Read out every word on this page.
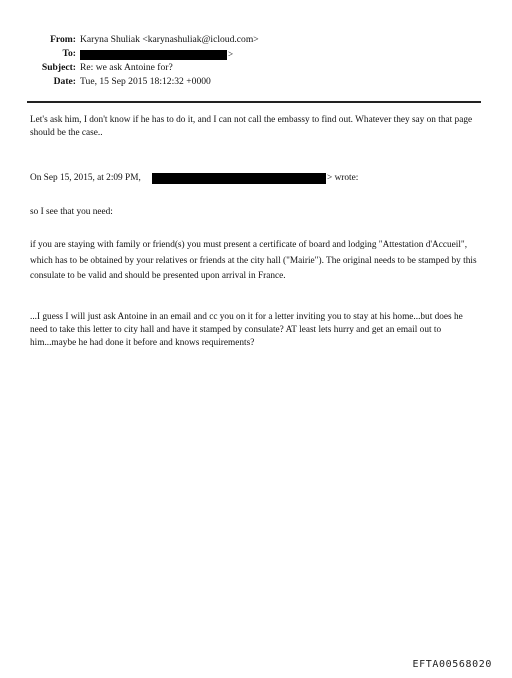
From: Karyna Shuliak <karynashuliak@icloud.com>
To:	>
Subject: Re: we ask Antoine for?
Date: Tue, 15 Sep 2015 18:12:32 +0000
Let's ask him, I don't know if he has to do it, and I can not call the embassy to find out. Whatever they say on that page should be the case..
On Sep 15, 2015, at 2:09 PM,	> wrote:
so I see that you need:
if you are staying with family or friend(s) you must present a certificate of board and lodging "Attestation d'Accueil", which has to be obtained by your relatives or friends at the city hall ("Mairie"). The original needs to be stamped by this consulate to be valid and should be presented upon arrival in France.
...I guess I will just ask Antoine in an email and cc you on it for a letter inviting you to stay at his home...but does he need to take this letter to city hall and have it stamped by consulate? AT least lets hurry and get an email out to him...maybe he had done it before and knows requirements?
EFTA00568020
